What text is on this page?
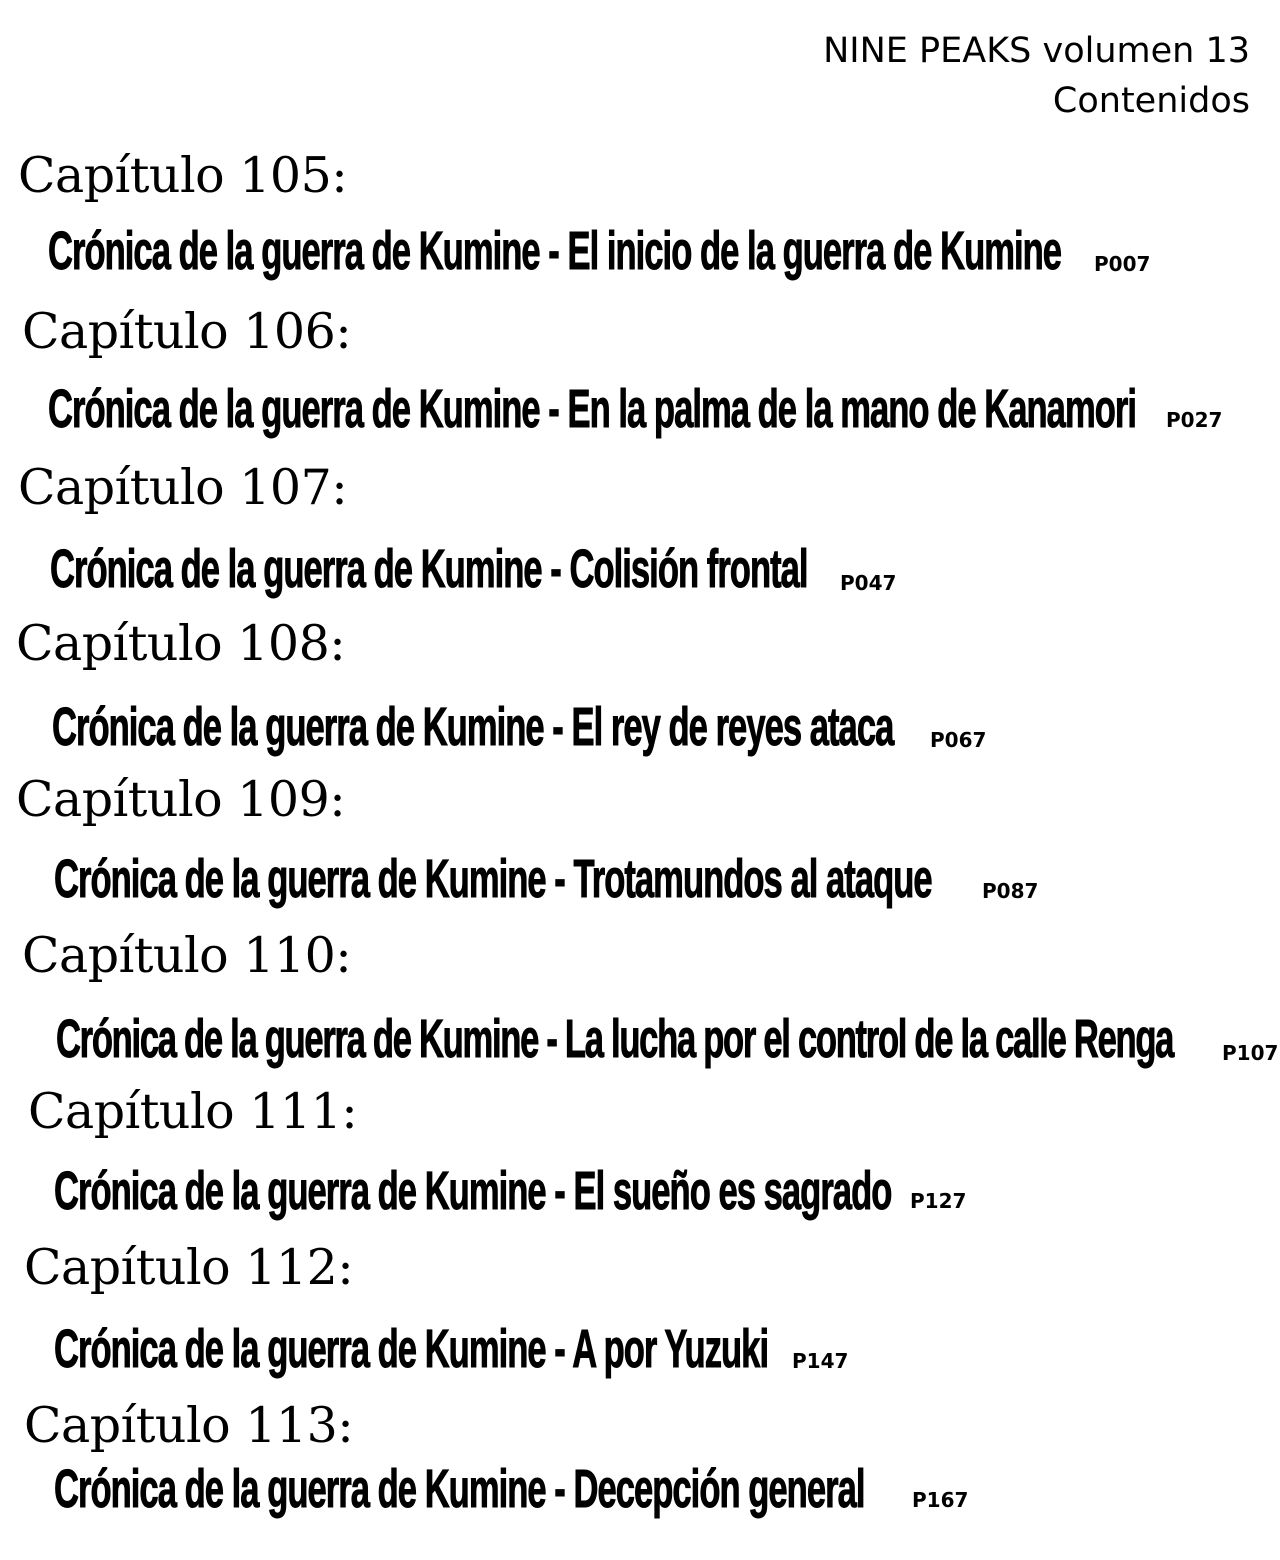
NINE PEAKS volumen 13
Contenidos
Capítulo 105:
Crónica de la guerra de Kumine - El inicio de la guerra de Kumine P007
Capítulo 106:
Crónica de la guerra de Kumine - En la palma de la mano de Kanamori P027
Capítulo 107:
Crónica de la guerra de Kumine - Colisión frontal P047
Capítulo 108:
Crónica de la guerra de Kumine - El rey de reyes ataca P067
Capítulo 109:
Crónica de la guerra de Kumine - Trotamundos al ataque	P087
Capítulo 110:
Crónica de la guerra de Kumine - La lucha por el control de la calle Renga P107
Capítulo 111:
Crónica de la guerra de Kumine - El sueño es sagrado P127
Capítulo 112:
Crónica de la guerra de Kumine - A por Yuzuki P147
Capítulo 113:
Crónica de la guerra de Kumine - Decepción general P167
